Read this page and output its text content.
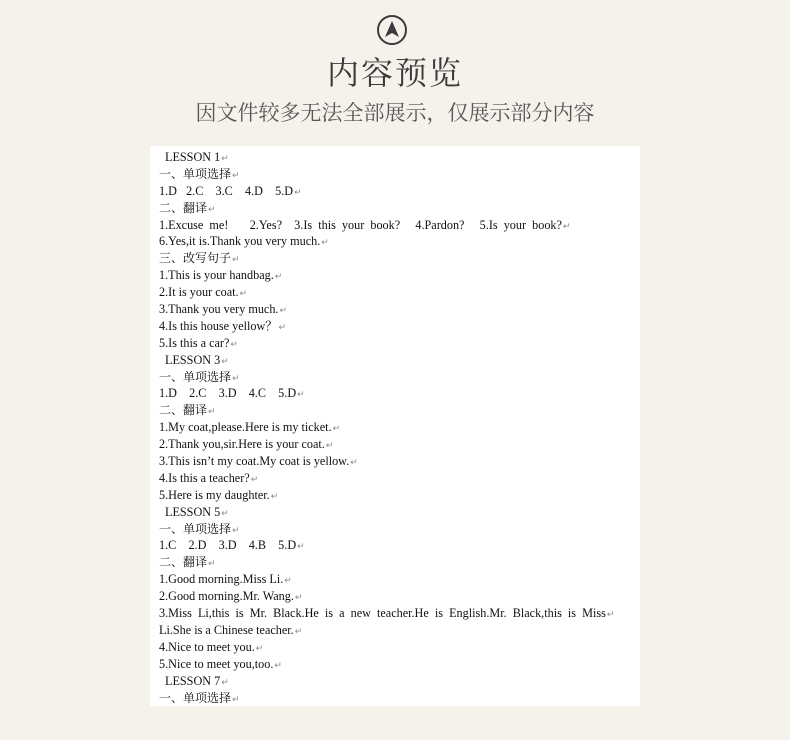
内容预览
因文件较多无法全部展示，仅展示部分内容
LESSON 1↵
一、单项选择↵
1.D   2.C    3.C    4.D    5.D↵
二、翻译↵
1.Excuse  me!       2.Yes?    3.Is  this  your  book?     4.Pardon?     5.Is  your  book?↵
6.Yes,it is.Thank you very much.↵
三、改写句子↵
1.This is your handbag.↵
2.It is your coat.↵
3.Thank you very much.↵
4.Is this house yellow？↵
5.Is this a car?↵
LESSON 3↵
一、单项选择↵
1.D    2.C    3.D    4.C    5.D↵
二、翻译↵
1.My coat,please.Here is my ticket.↵
2.Thank you,sir.Here is your coat.↵
3.This isn’t my coat.My coat is yellow.↵
4.Is this a teacher?↵
5.Here is my daughter.↵
LESSON 5↵
一、单项选择↵
1.C    2.D    3.D    4.B    5.D↵
二、翻译↵
1.Good morning.Miss Li.↵
2.Good morning.Mr. Wang.↵
3.Miss  Li,this  is  Mr.  Black.He  is  a  new  teacher.He  is  English.Mr.  Black,this  is  Miss↵
Li.She is a Chinese teacher.↵
4.Nice to meet you.↵
5.Nice to meet you,too.↵
LESSON 7↵
一、单项选择↵
